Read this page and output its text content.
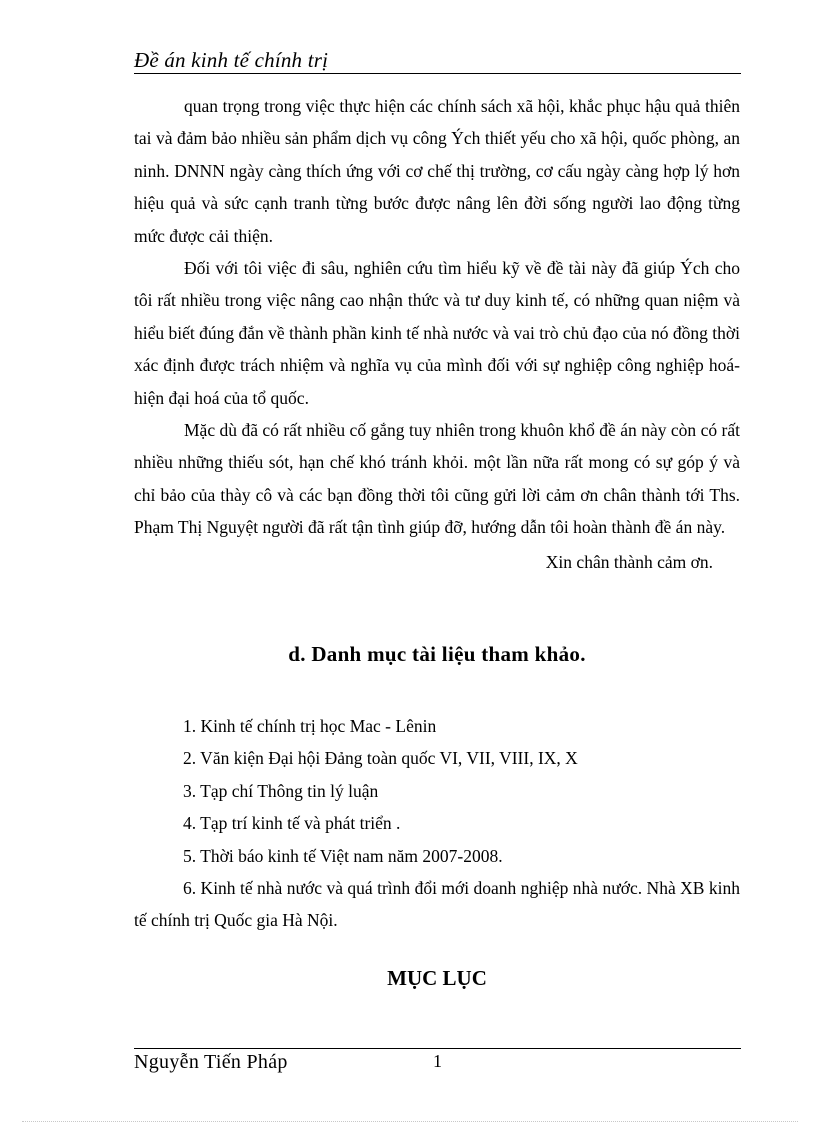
Đề án kinh tế chính trị

quan trọng trong việc thực hiện các chính sách xã hội, khắc phục hậu quả thiên tai và đảm bảo nhiều sản phẩm dịch vụ công Ých thiết yếu cho xã hội, quốc phòng, an ninh. DNNN ngày càng thích ứng với cơ chế thị trường, cơ cấu ngày càng hợp lý hơn hiệu quả và sức cạnh tranh từng bước được nâng lên đời sống người lao động từng mức được cải thiện.

Đối với tôi việc đi sâu, nghiên cứu tìm hiểu kỹ về đề tài này đã giúp Ých cho tôi rất nhiều trong việc nâng cao nhận thức và tư duy kinh tế, có những quan niệm và hiểu biết đúng đắn về thành phần kinh tế nhà nước và vai trò chủ đạo của nó đồng thời xác định được trách nhiệm và nghĩa vụ của mình đối với sự nghiệp công nghiệp hoá- hiện đại hoá của tổ quốc.

Mặc dù đã có rất nhiều cố gắng tuy nhiên trong khuôn khổ đề án này còn có rất nhiều những thiếu sót, hạn chế khó tránh khỏi. một lần nữa rất mong có sự góp ý và chỉ bảo của thày cô và các bạn đồng thời tôi cũng gửi lời cảm ơn chân thành tới Ths. Phạm Thị Nguyệt người đã rất tận tình giúp đỡ, hướng dẫn tôi hoàn thành đề án này.

Xin chân thành cảm ơn.

d. Danh mục tài liệu tham khảo.
1. Kinh tế chính trị học Mac - Lênin
2. Văn kiện Đại hội Đảng toàn quốc VI, VII, VIII, IX, X
3. Tạp chí Thông tin lý luận
4. Tạp trí kinh tế và phát triển .
5. Thời báo kinh tế Việt nam năm 2007-2008.
6. Kinh tế nhà nước và quá trình đổi mới doanh nghiệp nhà nước. Nhà XB kinh tế chính trị Quốc gia Hà Nội.
MỤC LỤC
Nguyễn Tiến Pháp	1
